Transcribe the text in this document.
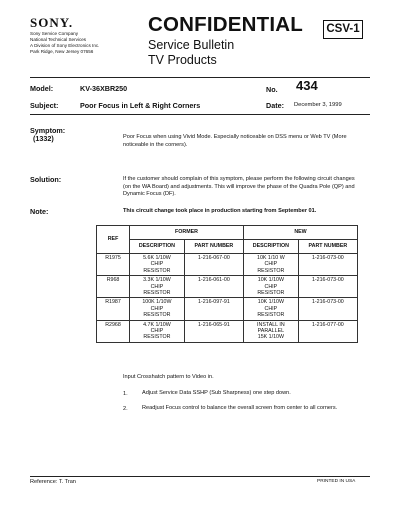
SONY.
Sony Service Company
National Technical Services
A Division of Sony Electronics Inc.
Park Ridge, New Jersey 07656
CONFIDENTIAL
Service Bulletin
TV Products
CSV-1
Model:	KV-36XBR250	No. 434
Subject:	Poor Focus in Left & Right Corners	Date: December 3, 1999
Symptom:
(1332)	Poor Focus when using Vivid Mode. Especially noticeable on DSS menu or Web TV (More noticeable in the corners).
Solution:	If the customer should complain of this symptom, please perform the following circuit changes (on the WA Board) and adjustments. This will improve the phase of the Quadra Pole (QP) and Dynamic Focus (DF).
Note:	This circuit change took place in production starting from September 01.
REF	FORMER		NEW	
	DESCRIPTION	PART NUMBER	DESCRIPTION	PART NUMBER
R1975	5.6K 1/10W
CHIP
RESISTOR	1-216-067-00	10K 1/10 W
CHIP
RESISTOR	1-216-073-00
R968	3.3K 1/10W
CHIP
RESISTOR	1-216-061-00	10K 1/10W
CHIP
RESISTOR	1-216-073-00
R1987	100K 1/10W
CHIP
RESISTOR	1-216-097-91	10K 1/10W
CHIP
RESISTOR	1-216-073-00
R2968	4.7K 1/10W
CHIP
RESISTOR	1-216-065-91	INSTALL IN
PARALLEL
15K 1/10W	1-216-077-00
Input Crosshatch pattern to Video in.
1.	Adjust Service Data SSHP (Sub Sharpness) one step down.
2.	Readjust Focus control to balance the overall screen from center to all corners.
Reference: T. Tran	PRINTED IN USA
